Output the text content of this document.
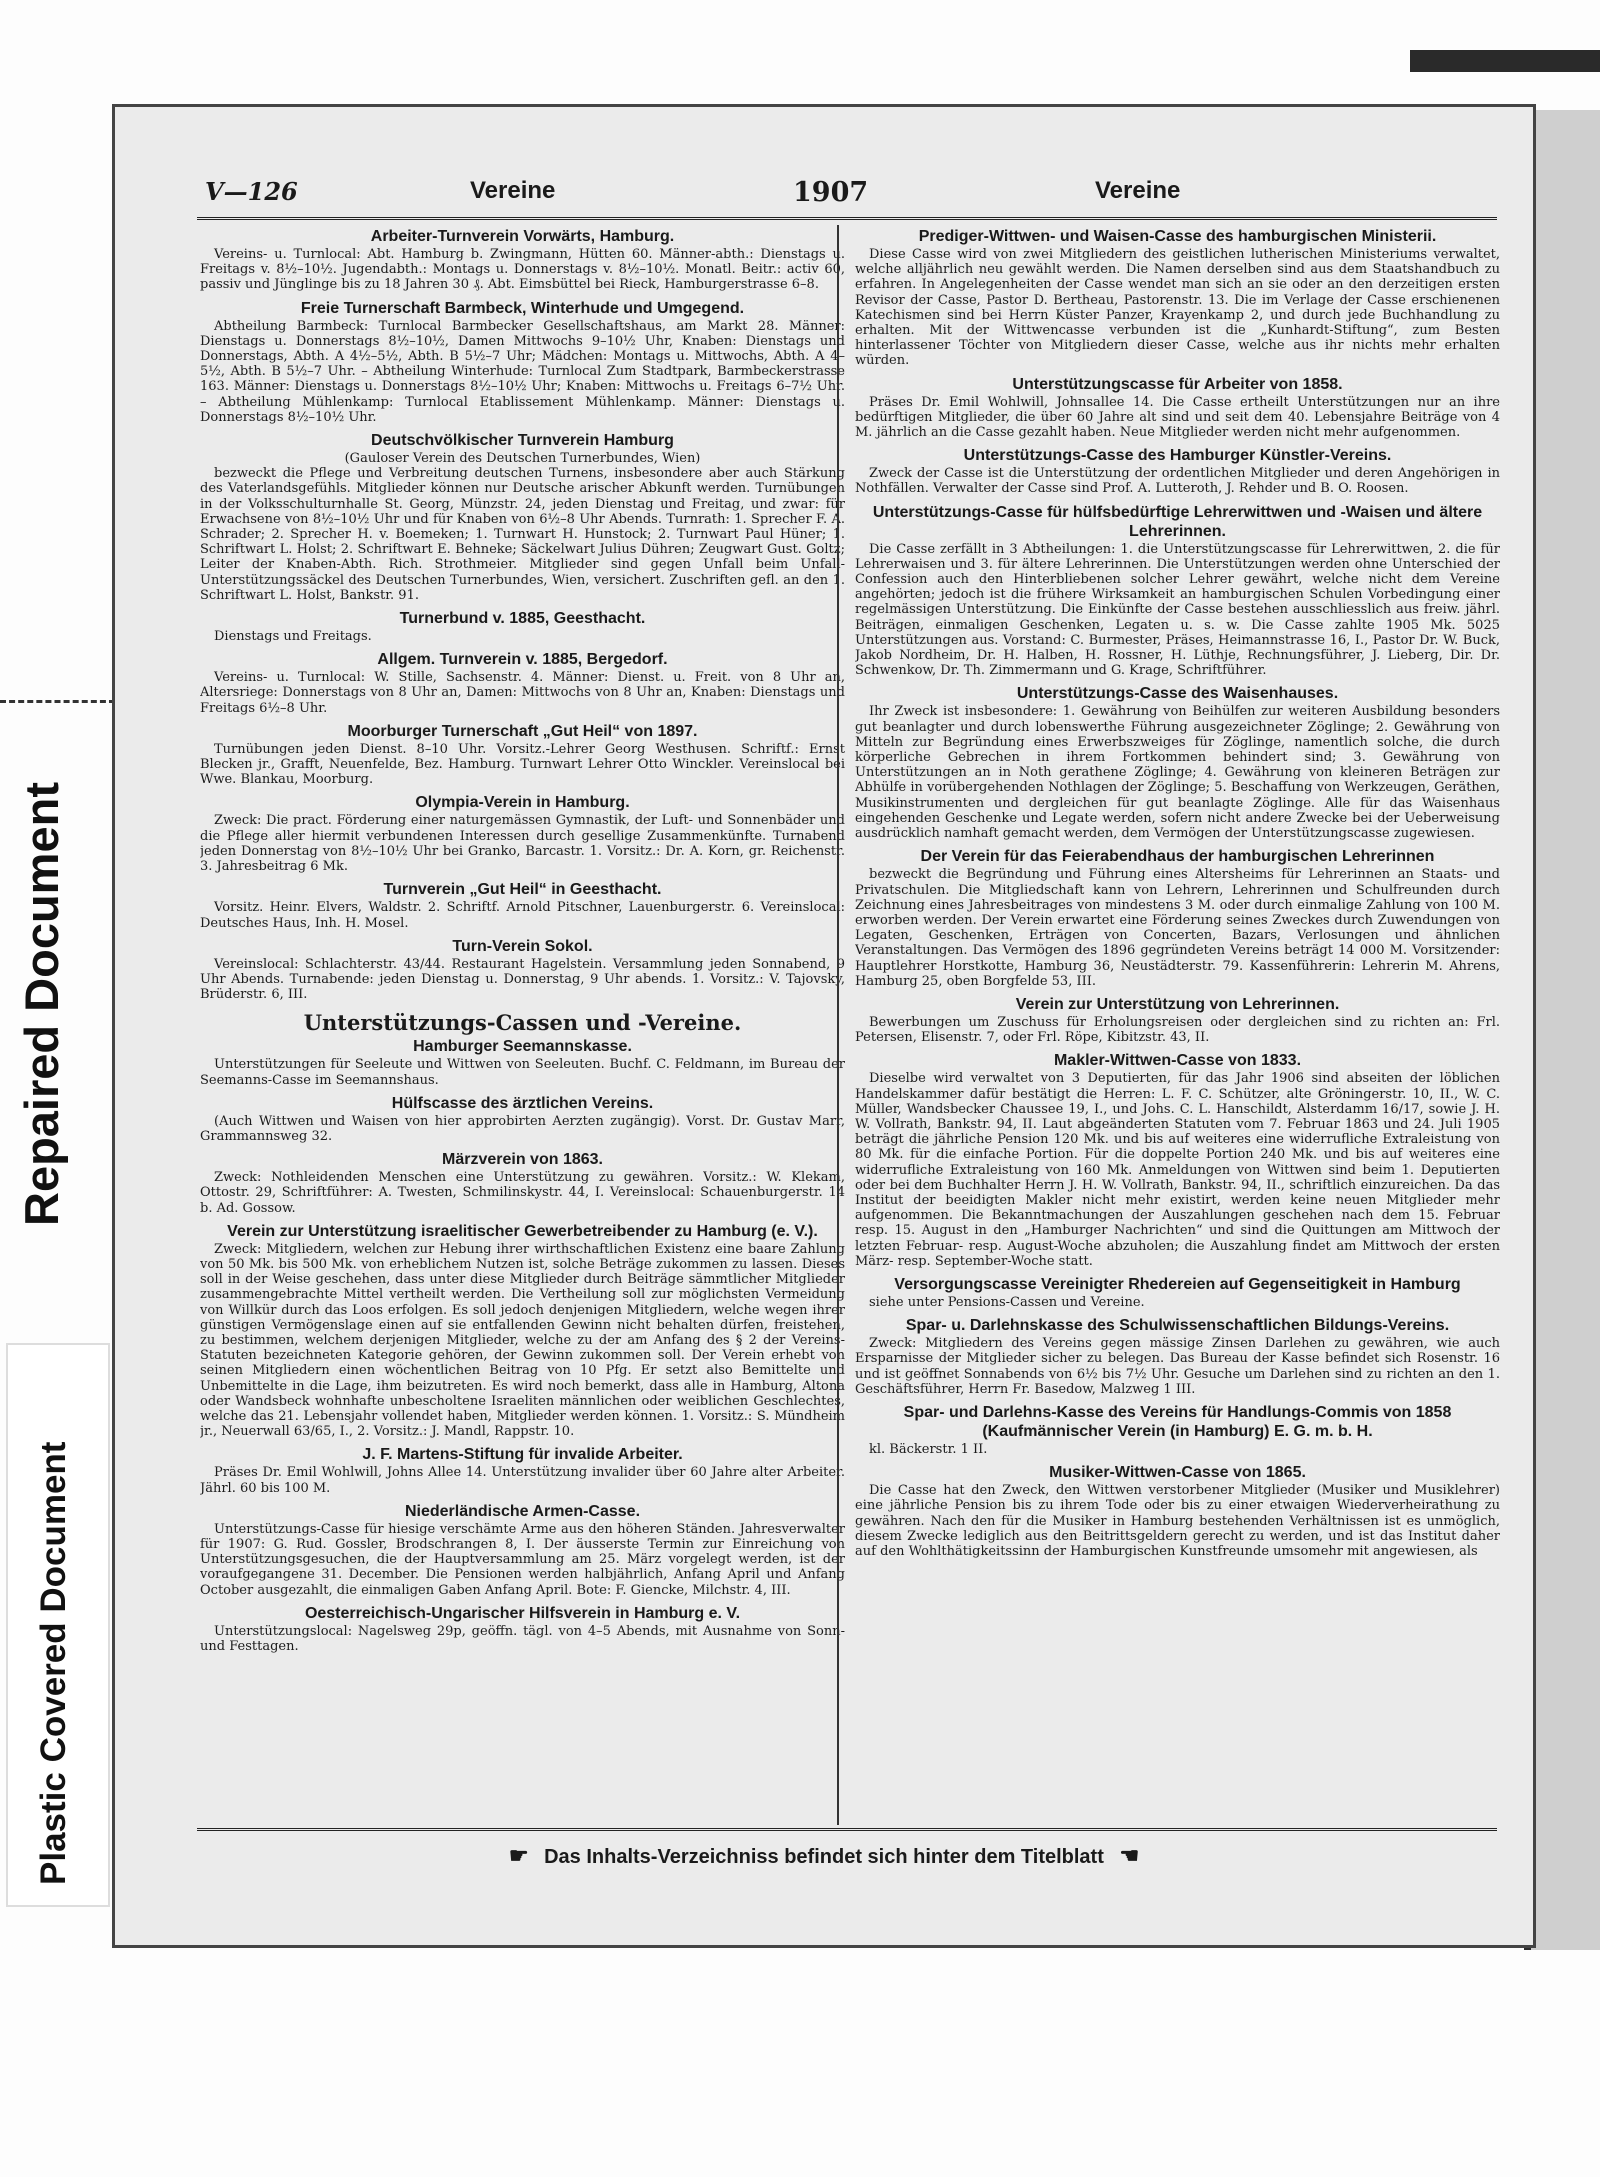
Repaired Document
Plastic Covered Document
V—126	Vereine	1907	Vereine
Arbeiter-Turnverein Vorwärts, Hamburg.

Vereins- u. Turnlocal: Abt. Hamburg b. Zwingmann, Hütten 60. Männer-abth.: Dienstags u. Freitags v. 8½–10½. Jugendabth.: Montags u. Donnerstags v. 8½–10½. Monatl. Beitr.: activ 60, passiv und Jünglinge bis zu 18 Jahren 30 ₰. Abt. Eimsbüttel bei Rieck, Hamburgerstrasse 6–8.

Freie Turnerschaft Barmbeck, Winterhude und Umgegend.

Abtheilung Barmbeck: Turnlocal Barmbecker Gesellschaftshaus, am Markt 28. Männer: Dienstags u. Donnerstags 8½–10½, Damen Mittwochs 9–10½ Uhr, Knaben: Dienstags und Donnerstags, Abth. A 4½–5½, Abth. B 5½–7 Uhr; Mädchen: Montags u. Mittwochs, Abth. A 4–5½, Abth. B 5½–7 Uhr. – Abtheilung Winterhude: Turnlocal Zum Stadtpark, Barmbeckerstrasse 163. Männer: Dienstags u. Donnerstags 8½–10½ Uhr; Knaben: Mittwochs u. Freitags 6–7½ Uhr. – Abtheilung Mühlenkamp: Turnlocal Etablissement Mühlenkamp. Männer: Dienstags u. Donnerstags 8½–10½ Uhr.

Deutschvölkischer Turnverein Hamburg

(Gauloser Verein des Deutschen Turnerbundes, Wien)

bezweckt die Pflege und Verbreitung deutschen Turnens, insbesondere aber auch Stärkung des Vaterlandsgefühls. Mitglieder können nur Deutsche arischer Abkunft werden. Turnübungen in der Volksschulturnhalle St. Georg, Münzstr. 24, jeden Dienstag und Freitag, und zwar: für Erwachsene von 8½–10½ Uhr und für Knaben von 6½–8 Uhr Abends. Turnrath: 1. Sprecher F. A. Schrader; 2. Sprecher H. v. Boemeken; 1. Turnwart H. Hunstock; 2. Turnwart Paul Hüner; 1. Schriftwart L. Holst; 2. Schriftwart E. Behneke; Säckelwart Julius Dühren; Zeugwart Gust. Goltz; Leiter der Knaben-Abth. Rich. Strothmeier. Mitglieder sind gegen Unfall beim Unfall-Unterstützungssäckel des Deutschen Turnerbundes, Wien, versichert. Zuschriften gefl. an den 1. Schriftwart L. Holst, Bankstr. 91.

Turnerbund v. 1885, Geesthacht.

Dienstags und Freitags.

Allgem. Turnverein v. 1885, Bergedorf.

Vereins- u. Turnlocal: W. Stille, Sachsenstr. 4. Männer: Dienst. u. Freit. von 8 Uhr an, Altersriege: Donnerstags von 8 Uhr an, Damen: Mittwochs von 8 Uhr an, Knaben: Dienstags und Freitags 6½–8 Uhr.

Moorburger Turnerschaft „Gut Heil“ von 1897.

Turnübungen jeden Dienst. 8–10 Uhr. Vorsitz.-Lehrer Georg Westhusen. Schriftf.: Ernst Blecken jr., Grafft, Neuenfelde, Bez. Hamburg. Turnwart Lehrer Otto Winckler. Vereinslocal bei Wwe. Blankau, Moorburg.

Olympia-Verein in Hamburg.

Zweck: Die pract. Förderung einer naturgemässen Gymnastik, der Luft- und Sonnenbäder und die Pflege aller hiermit verbundenen Interessen durch gesellige Zusammenkünfte. Turnabend jeden Donnerstag von 8½–10½ Uhr bei Granko, Barcastr. 1. Vorsitz.: Dr. A. Korn, gr. Reichenstr. 3. Jahresbeitrag 6 Mk.

Turnverein „Gut Heil“ in Geesthacht.

Vorsitz. Heinr. Elvers, Waldstr. 2. Schriftf. Arnold Pitschner, Lauenburgerstr. 6. Vereinslocal: Deutsches Haus, Inh. H. Mosel.

Turn-Verein Sokol.

Vereinslocal: Schlachterstr. 43/44. Restaurant Hagelstein. Versammlung jeden Sonnabend, 9 Uhr Abends. Turnabende: jeden Dienstag u. Donnerstag, 9 Uhr abends. 1. Vorsitz.: V. Tajovsky, Brüderstr. 6, III.

Unterstützungs-Cassen und -Vereine.
Hamburger Seemannskasse.

Unterstützungen für Seeleute und Wittwen von Seeleuten. Buchf. C. Feldmann, im Bureau der Seemanns-Casse im Seemannshaus.

Hülfscasse des ärztlichen Vereins.

(Auch Wittwen und Waisen von hier approbirten Aerzten zugängig). Vorst. Dr. Gustav Marr, Grammannsweg 32.

Märzverein von 1863.

Zweck: Nothleidenden Menschen eine Unterstützung zu gewähren. Vorsitz.: W. Klekam, Ottostr. 29, Schriftführer: A. Twesten, Schmilinskystr. 44, I. Vereinslocal: Schauenburgerstr. 14 b. Ad. Gossow.

Verein zur Unterstützung israelitischer Gewerbetreibender zu Hamburg (e. V.).

Zweck: Mitgliedern, welchen zur Hebung ihrer wirthschaftlichen Existenz eine baare Zahlung von 50 Mk. bis 500 Mk. von erheblichem Nutzen ist, solche Beträge zukommen zu lassen. Dieses soll in der Weise geschehen, dass unter diese Mitglieder durch Beiträge sämmtlicher Mitglieder zusammengebrachte Mittel vertheilt werden. Die Vertheilung soll zur möglichsten Vermeidung von Willkür durch das Loos erfolgen. Es soll jedoch denjenigen Mitgliedern, welche wegen ihrer günstigen Vermögenslage einen auf sie entfallenden Gewinn nicht behalten dürfen, freistehen, zu bestimmen, welchem derjenigen Mitglieder, welche zu der am Anfang des § 2 der Vereins-Statuten bezeichneten Kategorie gehören, der Gewinn zukommen soll. Der Verein erhebt von seinen Mitgliedern einen wöchentlichen Beitrag von 10 Pfg. Er setzt also Bemittelte und Unbemittelte in die Lage, ihm beizutreten. Es wird noch bemerkt, dass alle in Hamburg, Altona oder Wandsbeck wohnhafte unbescholtene Israeliten männlichen oder weiblichen Geschlechtes, welche das 21. Lebensjahr vollendet haben, Mitglieder werden können. 1. Vorsitz.: S. Mündheim jr., Neuerwall 63/65, I., 2. Vorsitz.: J. Mandl, Rappstr. 10.

J. F. Martens-Stiftung für invalide Arbeiter.

Präses Dr. Emil Wohlwill, Johns Allee 14. Unterstützung invalider über 60 Jahre alter Arbeiter. Jährl. 60 bis 100 M.

Niederländische Armen-Casse.

Unterstützungs-Casse für hiesige verschämte Arme aus den höheren Ständen. Jahresverwalter für 1907: G. Rud. Gossler, Brodschrangen 8, I. Der äusserste Termin zur Einreichung von Unterstützungsgesuchen, die der Hauptversammlung am 25. März vorgelegt werden, ist der voraufgegangene 31. December. Die Pensionen werden halbjährlich, Anfang April und Anfang October ausgezahlt, die einmaligen Gaben Anfang April. Bote: F. Giencke, Milchstr. 4, III.

Oesterreichisch-Ungarischer Hilfsverein in Hamburg e. V.

Unterstützungslocal: Nagelsweg 29p, geöffn. tägl. von 4–5 Abends, mit Ausnahme von Sonn- und Festtagen.

Prediger-Wittwen- und Waisen-Casse des hamburgischen Ministerii.

Diese Casse wird von zwei Mitgliedern des geistlichen lutherischen Ministeriums verwaltet, welche alljährlich neu gewählt werden. Die Namen derselben sind aus dem Staatshandbuch zu erfahren. In Angelegenheiten der Casse wendet man sich an sie oder an den derzeitigen ersten Revisor der Casse, Pastor D. Bertheau, Pastorenstr. 13. Die im Verlage der Casse erschienenen Katechismen sind bei Herrn Küster Panzer, Krayenkamp 2, und durch jede Buchhandlung zu erhalten. Mit der Wittwencasse verbunden ist die „Kunhardt-Stiftung“, zum Besten hinterlassener Töchter von Mitgliedern dieser Casse, welche aus ihr nichts mehr erhalten würden.

Unterstützungscasse für Arbeiter von 1858.

Präses Dr. Emil Wohlwill, Johnsallee 14. Die Casse ertheilt Unterstützungen nur an ihre bedürftigen Mitglieder, die über 60 Jahre alt sind und seit dem 40. Lebensjahre Beiträge von 4 M. jährlich an die Casse gezahlt haben. Neue Mitglieder werden nicht mehr aufgenommen.

Unterstützungs-Casse des Hamburger Künstler-Vereins.

Zweck der Casse ist die Unterstützung der ordentlichen Mitglieder und deren Angehörigen in Nothfällen. Verwalter der Casse sind Prof. A. Lutteroth, J. Rehder und B. O. Roosen.

Unterstützungs-Casse für hülfsbedürftige Lehrerwittwen und -Waisen und ältere Lehrerinnen.

Die Casse zerfällt in 3 Abtheilungen: 1. die Unterstützungscasse für Lehrerwittwen, 2. die für Lehrerwaisen und 3. für ältere Lehrerinnen. Die Unterstützungen werden ohne Unterschied der Confession auch den Hinterbliebenen solcher Lehrer gewährt, welche nicht dem Vereine angehörten; jedoch ist die frühere Wirksamkeit an hamburgischen Schulen Vorbedingung einer regelmässigen Unterstützung. Die Einkünfte der Casse bestehen ausschliesslich aus freiw. jährl. Beiträgen, einmaligen Geschenken, Legaten u. s. w. Die Casse zahlte 1905 Mk. 5025 Unterstützungen aus. Vorstand: C. Burmester, Präses, Heimannstrasse 16, I., Pastor Dr. W. Buck, Jakob Nordheim, Dr. H. Halben, H. Rossner, H. Lüthje, Rechnungsführer, J. Lieberg, Dir. Dr. Schwenkow, Dr. Th. Zimmermann und G. Krage, Schriftführer.

Unterstützungs-Casse des Waisenhauses.

Ihr Zweck ist insbesondere: 1. Gewährung von Beihülfen zur weiteren Ausbildung besonders gut beanlagter und durch lobenswerthe Führung ausgezeichneter Zöglinge; 2. Gewährung von Mitteln zur Begründung eines Erwerbszweiges für Zöglinge, namentlich solche, die durch körperliche Gebrechen in ihrem Fortkommen behindert sind; 3. Gewährung von Unterstützungen an in Noth gerathene Zöglinge; 4. Gewährung von kleineren Beträgen zur Abhülfe in vorübergehenden Nothlagen der Zöglinge; 5. Beschaffung von Werkzeugen, Geräthen, Musikinstrumenten und dergleichen für gut beanlagte Zöglinge. Alle für das Waisenhaus eingehenden Geschenke und Legate werden, sofern nicht andere Zwecke bei der Ueberweisung ausdrücklich namhaft gemacht werden, dem Vermögen der Unterstützungscasse zugewiesen.

Der Verein für das Feierabendhaus der hamburgischen Lehrerinnen

bezweckt die Begründung und Führung eines Altersheims für Lehrerinnen an Staats- und Privatschulen. Die Mitgliedschaft kann von Lehrern, Lehrerinnen und Schulfreunden durch Zeichnung eines Jahresbeitrages von mindestens 3 M. oder durch einmalige Zahlung von 100 M. erworben werden. Der Verein erwartet eine Förderung seines Zweckes durch Zuwendungen von Legaten, Geschenken, Erträgen von Concerten, Bazars, Verlosungen und ähnlichen Veranstaltungen. Das Vermögen des 1896 gegründeten Vereins beträgt 14 000 M. Vorsitzender: Hauptlehrer Horstkotte, Hamburg 36, Neustädterstr. 79. Kassenführerin: Lehrerin M. Ahrens, Hamburg 25, oben Borgfelde 53, III.

Verein zur Unterstützung von Lehrerinnen.

Bewerbungen um Zuschuss für Erholungsreisen oder dergleichen sind zu richten an: Frl. Petersen, Elisenstr. 7, oder Frl. Röpe, Kibitzstr. 43, II.

Makler-Wittwen-Casse von 1833.

Dieselbe wird verwaltet von 3 Deputierten, für das Jahr 1906 sind abseiten der löblichen Handelskammer dafür bestätigt die Herren: L. F. C. Schützer, alte Gröningerstr. 10, II., W. C. Müller, Wandsbecker Chaussee 19, I., und Johs. C. L. Hanschildt, Alsterdamm 16/17, sowie J. H. W. Vollrath, Bankstr. 94, II. Laut abgeänderten Statuten vom 7. Februar 1863 und 24. Juli 1905 beträgt die jährliche Pension 120 Mk. und bis auf weiteres eine widerrufliche Extraleistung von 80 Mk. für die einfache Portion. Für die doppelte Portion 240 Mk. und bis auf weiteres eine widerrufliche Extraleistung von 160 Mk. Anmeldungen von Wittwen sind beim 1. Deputierten oder bei dem Buchhalter Herrn J. H. W. Vollrath, Bankstr. 94, II., schriftlich einzureichen. Da das Institut der beeidigten Makler nicht mehr existirt, werden keine neuen Mitglieder mehr aufgenommen. Die Bekanntmachungen der Auszahlungen geschehen nach dem 15. Februar resp. 15. August in den „Hamburger Nachrichten“ und sind die Quittungen am Mittwoch der letzten Februar- resp. August-Woche abzuholen; die Auszahlung findet am Mittwoch der ersten März- resp. September-Woche statt.

Versorgungscasse Vereinigter Rhedereien auf Gegenseitigkeit in Hamburg

siehe unter Pensions-Cassen und Vereine.

Spar- u. Darlehnskasse des Schulwissenschaftlichen Bildungs-Vereins.

Zweck: Mitgliedern des Vereins gegen mässige Zinsen Darlehen zu gewähren, wie auch Ersparnisse der Mitglieder sicher zu belegen. Das Bureau der Kasse befindet sich Rosenstr. 16 und ist geöffnet Sonnabends von 6½ bis 7½ Uhr. Gesuche um Darlehen sind zu richten an den 1. Geschäftsführer, Herrn Fr. Basedow, Malzweg 1 III.

Spar- und Darlehns-Kasse des Vereins für Handlungs-Commis von 1858 (Kaufmännischer Verein (in Hamburg) E. G. m. b. H.

kl. Bäckerstr. 1 II.

Musiker-Wittwen-Casse von 1865.

Die Casse hat den Zweck, den Wittwen verstorbener Mitglieder (Musiker und Musiklehrer) eine jährliche Pension bis zu ihrem Tode oder bis zu einer etwaigen Wiederverheirathung zu gewähren. Nach den für die Musiker in Hamburg bestehenden Verhältnissen ist es unmöglich, diesem Zwecke lediglich aus den Beitrittsgeldern gerecht zu werden, und ist das Institut daher auf den Wohlthätigkeitssinn der Hamburgischen Kunstfreunde umsomehr mit angewiesen, als

☛ Das Inhalts-Verzeichniss befindet sich hinter dem Titelblatt ☚
